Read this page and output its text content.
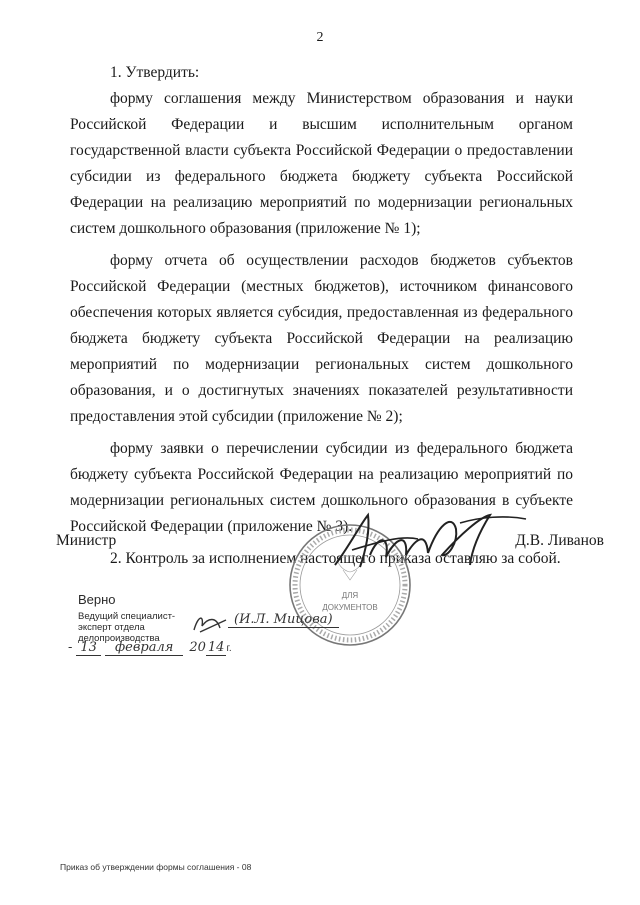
2

1. Утвердить:

форму соглашения между Министерством образования и науки Российской Федерации и высшим исполнительным органом государственной власти субъекта Российской Федерации о предоставлении субсидии из федерального бюджета бюджету субъекта Российской Федерации на реализацию мероприятий по модернизации региональных систем дошкольного образования (приложение № 1);

форму отчета об осуществлении расходов бюджетов субъектов Российской Федерации (местных бюджетов), источником финансового обеспечения которых является субсидия, предоставленная из федерального бюджета бюджету субъекта Российской Федерации на реализацию мероприятий по модернизации региональных систем дошкольного образования, и о достигнутых значениях показателей результативности предоставления этой субсидии (приложение № 2);

форму заявки о перечислении субсидии из федерального бюджета бюджету субъекта Российской Федерации на реализацию мероприятий по модернизации региональных систем дошкольного образования в субъекте Российской Федерации (приложение № 3).

2. Контроль за исполнением настоящего приказа оставляю за собой.

ДЛЯ
ДОКУМЕНТОВ
Министр	Д.В. Ливанов
Верно
Ведущий специалист-эксперт отдела делопроизводства
(И.Л. Мицова)
- 13 февраля 20 14 г.
Приказ об утверждении формы соглашения - 08
